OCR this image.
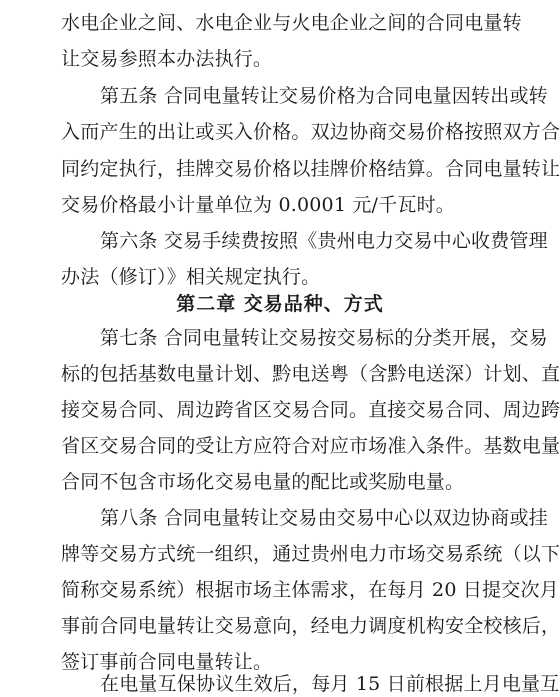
水电企业之间、水电企业与火电企业之间的合同电量转
让交易参照本办法执行。
第五条 合同电量转让交易价格为合同电量因转出或转
入而产生的出让或买入价格。双边协商交易价格按照双方合
同约定执行，挂牌交易价格以挂牌价格结算。合同电量转让
交易价格最小计量单位为 0.0001 元/千瓦时。
第六条 交易手续费按照《贵州电力交易中心收费管理
办法（修订）》相关规定执行。
第二章 交易品种、方式
第七条 合同电量转让交易按交易标的分类开展，交易
标的包括基数电量计划、黔电送粤（含黔电送深）计划、直
接交易合同、周边跨省区交易合同。直接交易合同、周边跨
省区交易合同的受让方应符合对应市场准入条件。基数电量
合同不包含市场化交易电量的配比或奖励电量。
第八条 合同电量转让交易由交易中心以双边协商或挂
牌等交易方式统一组织，通过贵州电力市场交易系统（以下
简称交易系统）根据市场主体需求，在每月 20 日提交次月
事前合同电量转让交易意向，经电力调度机构安全校核后，
签订事前合同电量转让。
在电量互保协议生效后，每月 15 日前根据上月电量互
